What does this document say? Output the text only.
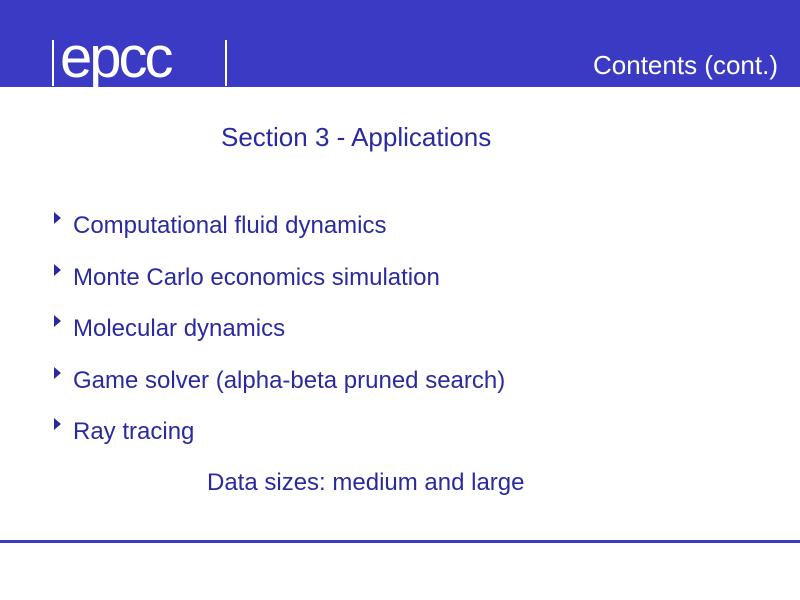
epcc	Contents (cont.)
Section 3 - Applications
Computational fluid dynamics
Monte Carlo economics simulation
Molecular dynamics
Game solver (alpha-beta pruned search)
Ray tracing
Data sizes: medium and large
